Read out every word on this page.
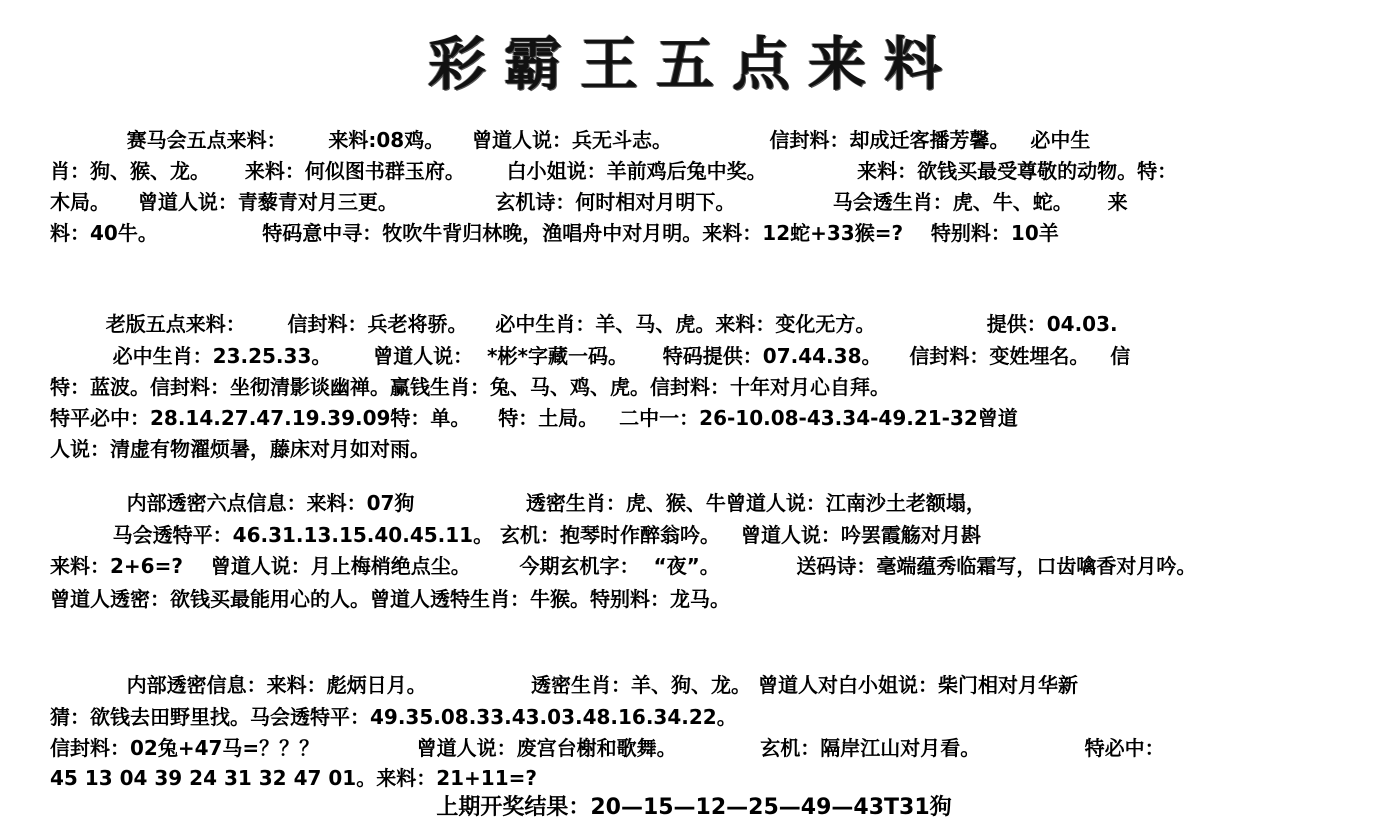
彩霸王五点来料
赛马会五点来料：      来料:08鸡。    曾道人说：兵无斗志。              信封料：却成迁客播芳馨。   必中生
肖：狗、猴、龙。     来料：何似图书群玉府。      白小姐说：羊前鸡后兔中奖。             来料：欲钱买最受尊敬的动物。特：
木局。    曾道人说：青藜青对月三更。              玄机诗：何时相对月明下。              马会透生肖：虎、牛、蛇。     来
料：40牛。               特码意中寻：牧吹牛背归林晚，渔唱舟中对月明。来料：12蛇+33猴=?    特别料：10羊
老版五点来料：      信封料：兵老将骄。    必中生肖：羊、马、虎。来料：变化无方。                提供：04.03.
必中生肖：23.25.33。      曾道人说：  *彬*字藏一码。     特码提供：07.44.38。    信封料：变姓埋名。   信
特：蓝波。信封料：坐彻清影谈幽禅。赢钱生肖：兔、马、鸡、虎。信封料：十年对月心自拜。
特平必中：28.14.27.47.19.39.09特：单。    特：土局。   二中一：26-10.08-43.34-49.21-32曾道
人说：清虚有物濯烦暑，藤床对月如对雨。
内部透密六点信息：来料：07狗                透密生肖：虎、猴、牛曾道人说：江南沙土老额塌，
马会透特平：46.31.13.15.40.45.11。 玄机：抱琴时作醉翁吟。   曾道人说：吟罢霞觞对月斟
来料：2+6=?    曾道人说：月上梅梢绝点尘。       今期玄机字：  “夜”。           送码诗：毫端蕴秀临霜写，口齿噙香对月吟。
曾道人透密：欲钱买最能用心的人。曾道人透特生肖：牛猴。特别料：龙马。
内部透密信息：来料：彪炳日月。               透密生肖：羊、狗、龙。 曾道人对白小姐说：柴门相对月华新
猜：欲钱去田野里找。马会透特平：49.35.08.33.43.03.48.16.34.22。
信封料：02兔+47马=？？？              曾道人说：废宫台榭和歌舞。            玄机：隔岸江山对月看。               特必中：
45 13 04 39 24 31 32 47 01。来料：21+11=?
上期开奖结果：20—15—12—25—49—43T31狗
